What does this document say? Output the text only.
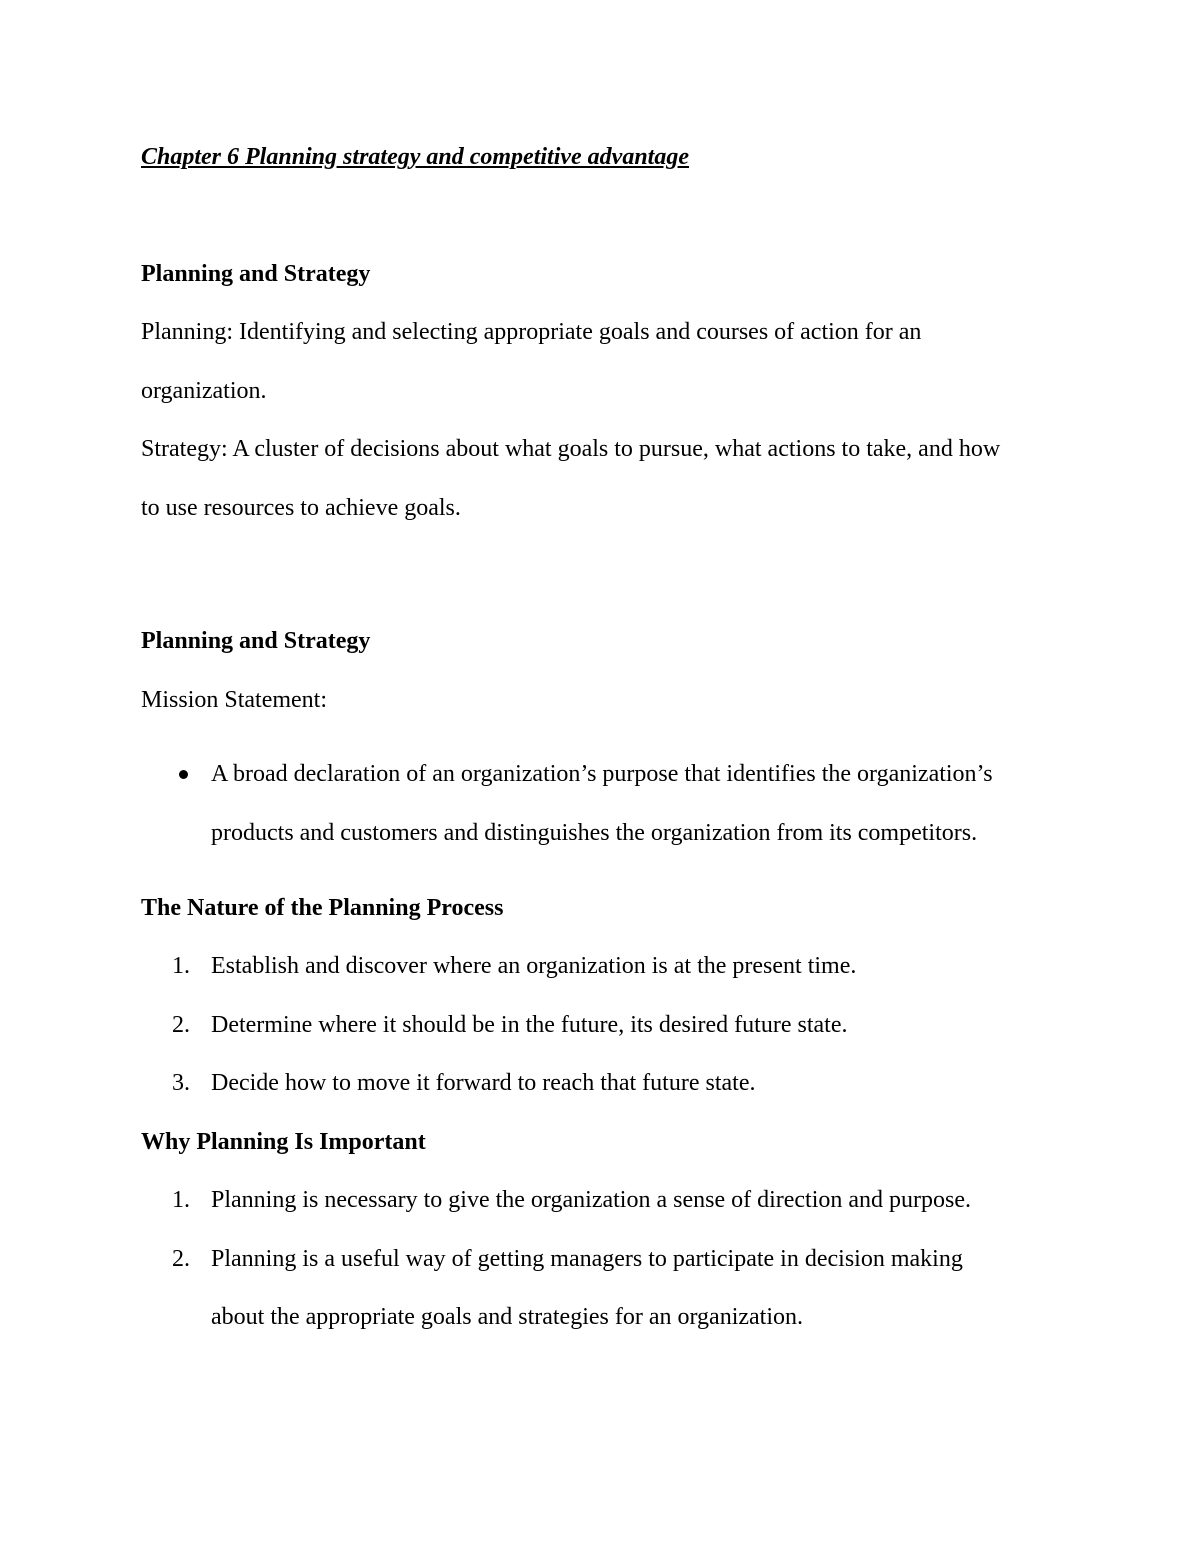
Chapter 6 Planning strategy and competitive advantage
Planning and Strategy
Planning: Identifying and selecting appropriate goals and courses of action for an
organization.
Strategy: A cluster of decisions about what goals to pursue, what actions to take, and how
to use resources to achieve goals.
Planning and Strategy
Mission Statement:
A broad declaration of an organization’s purpose that identifies the organization’s
products and customers and distinguishes the organization from its competitors.
The Nature of the Planning Process
1. Establish and discover where an organization is at the present time.
2. Determine where it should be in the future, its desired future state.
3. Decide how to move it forward to reach that future state.
Why Planning Is Important
1. Planning is necessary to give the organization a sense of direction and purpose.
2. Planning is a useful way of getting managers to participate in decision making
about the appropriate goals and strategies for an organization.
